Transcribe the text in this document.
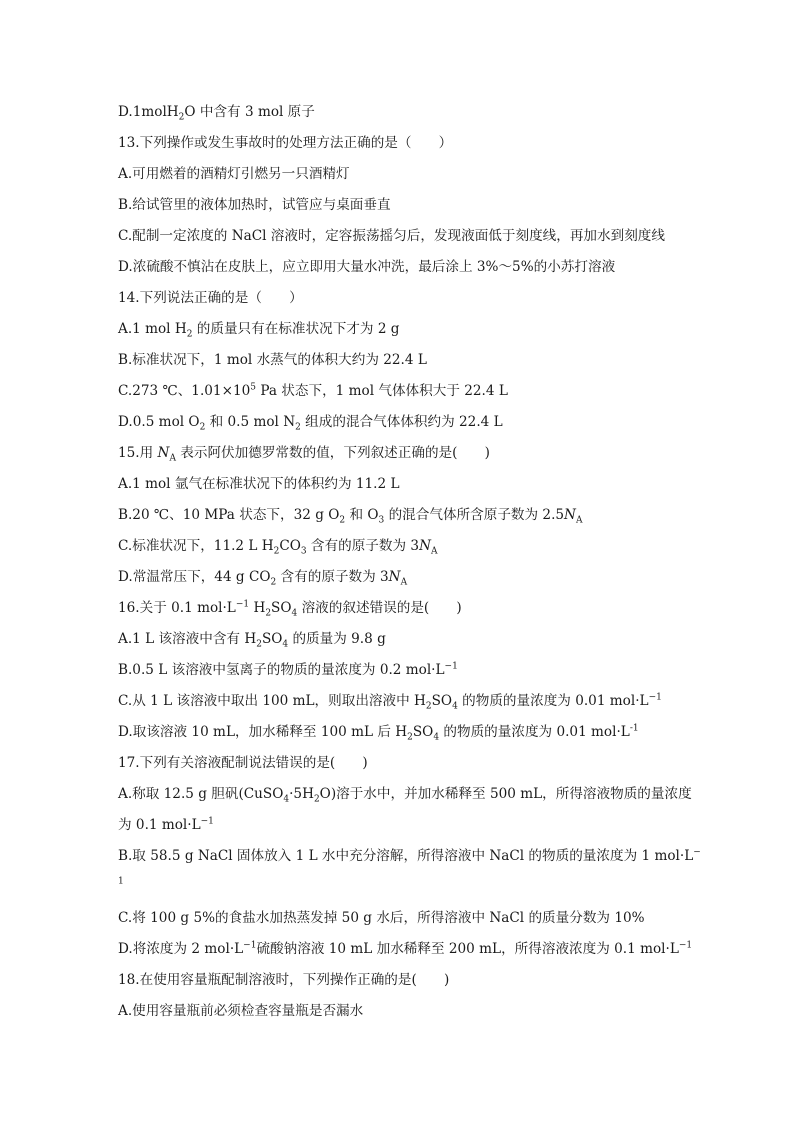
D.1molH$_2$O 中含有 3 mol 原子
13.下列操作或发生事故时的处理方法正确的是（　　）
A.可用燃着的酒精灯引燃另一只酒精灯
B.给试管里的液体加热时，试管应与桌面垂直
C.配制一定浓度的 NaCl 溶液时，定容振荡摇匀后，发现液面低于刻度线，再加水到刻度线
D.浓硫酸不慎沾在皮肤上，应立即用大量水冲洗，最后涂上 3%～5%的小苏打溶液
14.下列说法正确的是（　　）
A.1 mol $H_2$ 的质量只有在标准状况下才为 2 g
B.标准状况下，1 mol 水蒸气的体积大约为 22.4 L
C.273 ℃、$1.01\times 10^5$ Pa 状态下，1 mol 气体体积大于 22.4 L
D.0.5 mol $O_2$ 和 0.5 mol $N_2$ 组成的混合气体体积约为 22.4 L
15.用 $N_A$ 表示阿伏加德罗常数的值，下列叙述正确的是(　　)
A.1 mol 氩气在标准状况下的体积约为 11.2 L
B.20 ℃、10 MPa 状态下，32 g $O_2$ 和 $O_3$ 的混合气体所含原子数为 $2.5N_A$
C.标准状况下，11.2 L $H_2CO_3$ 含有的原子数为 $3N_A$
D.常温常压下，44 g $CO_2$ 含有的原子数为 $3N_A$
16.关于 0.1 $mol\cdot L^{-1}$ $H_2SO_4$ 溶液的叙述错误的是(　　)
A.1 L 该溶液中含有 $H_2SO_4$ 的质量为 9.8 g
B.0.5 L 该溶液中氢离子的物质的量浓度为 0.2 $mol\cdot L^{-1}$
C.从 1 L 该溶液中取出 100 mL，则取出溶液中 $H_2SO_4$ 的物质的量浓度为 0.01 $mol\cdot L^{-1}$
D.取该溶液 10 mL，加水稀释至 100 mL 后 $H_2SO_4$ 的物质的量浓度为 0.01 $mol\cdot L^{-1}$
17.下列有关溶液配制说法错误的是(　　)
A.称取 12.5 g 胆矾$(CuSO_4\cdot 5H_2O)$溶于水中，并加水稀释至 500 mL，所得溶液物质的量浓度
为 0.1 $mol\cdot L^{-1}$
B.取 58.5 g NaCl 固体放入 1 L 水中充分溶解，所得溶液中 NaCl 的物质的量浓度为 1 mol·L−
$^1$
C.将 100 g 5%的食盐水加热蒸发掉 50 g 水后，所得溶液中 NaCl 的质量分数为 10%
D.将浓度为 2 $mol\cdot L^{-1}$硫酸钠溶液 10 mL 加水稀释至 200 mL，所得溶液浓度为 0.1 $mol\cdot L^{-1}$
18.在使用容量瓶配制溶液时，下列操作正确的是(　　)
A.使用容量瓶前必须检查容量瓶是否漏水
